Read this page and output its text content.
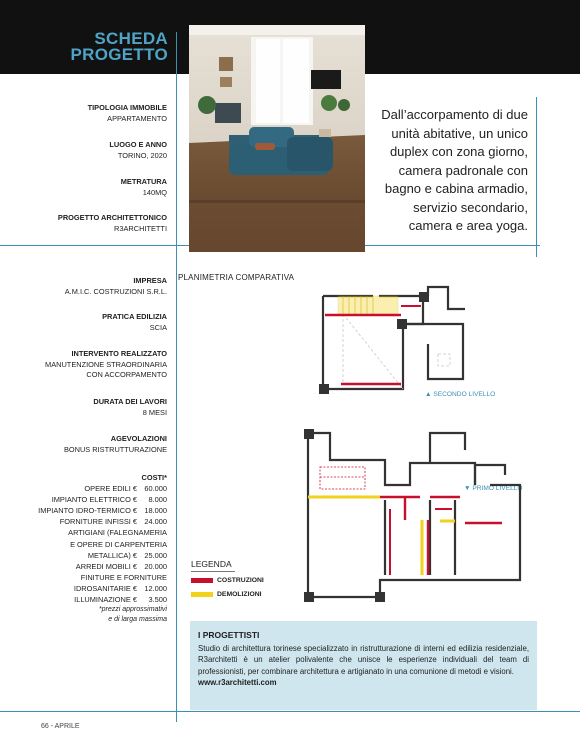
SCHEDA
PROGETTO
TIPOLOGIA IMMOBILE
APPARTAMENTO
LUOGO E ANNO
TORINO, 2020
METRATURA
140MQ
PROGETTO ARCHITETTONICO
R3ARCHITETTI
IMPRESA
A.M.I.C. COSTRUZIONI S.R.L.
PRATICA EDILIZIA
SCIA
INTERVENTO REALIZZATO
MANUTENZIONE STRAORDINARIA
CON ACCORPAMENTO
DURATA DEI LAVORI
8 MESI
AGEVOLAZIONI
BONUS RISTRUTTURAZIONE
COSTI*
OPERE EDILI € 60.000
IMPIANTO ELETTRICO € 8.000
IMPIANTO IDRO-TERMICO € 18.000
FORNITURE INFISSI € 24.000
ARTIGIANI (FALEGNAMERIA
E OPERE DI CARPENTERIA
METALLICA) € 25.000
ARREDI MOBILI € 20.000
FINITURE E FORNITURE
IDROSANITARIE € 12.000
ILLUMINAZIONE € 3.500
*prezzi approssimativi
e di larga massima
Dall’accorpamento di due
unità abitative, un unico
duplex con zona giorno,
camera padronale con
bagno e cabina armadio,
servizio secondario,
camera e area yoga.
PLANIMETRIA COMPARATIVA
▲ SECONDO LIVELLO
▼ PRIMO LIVELLO
LEGENDA
COSTRUZIONI
DEMOLIZIONI
I PROGETTISTI
Studio di architettura torinese specializzato in ristrutturazione di interni ed edilizia residenziale, R3architetti è un atelier polivalente che unisce le esperienze individuali del team di professionisti, per combinare architettura e artigianato in una comunione di metodi e visioni.
www.r3architetti.com
66 - APRILE
